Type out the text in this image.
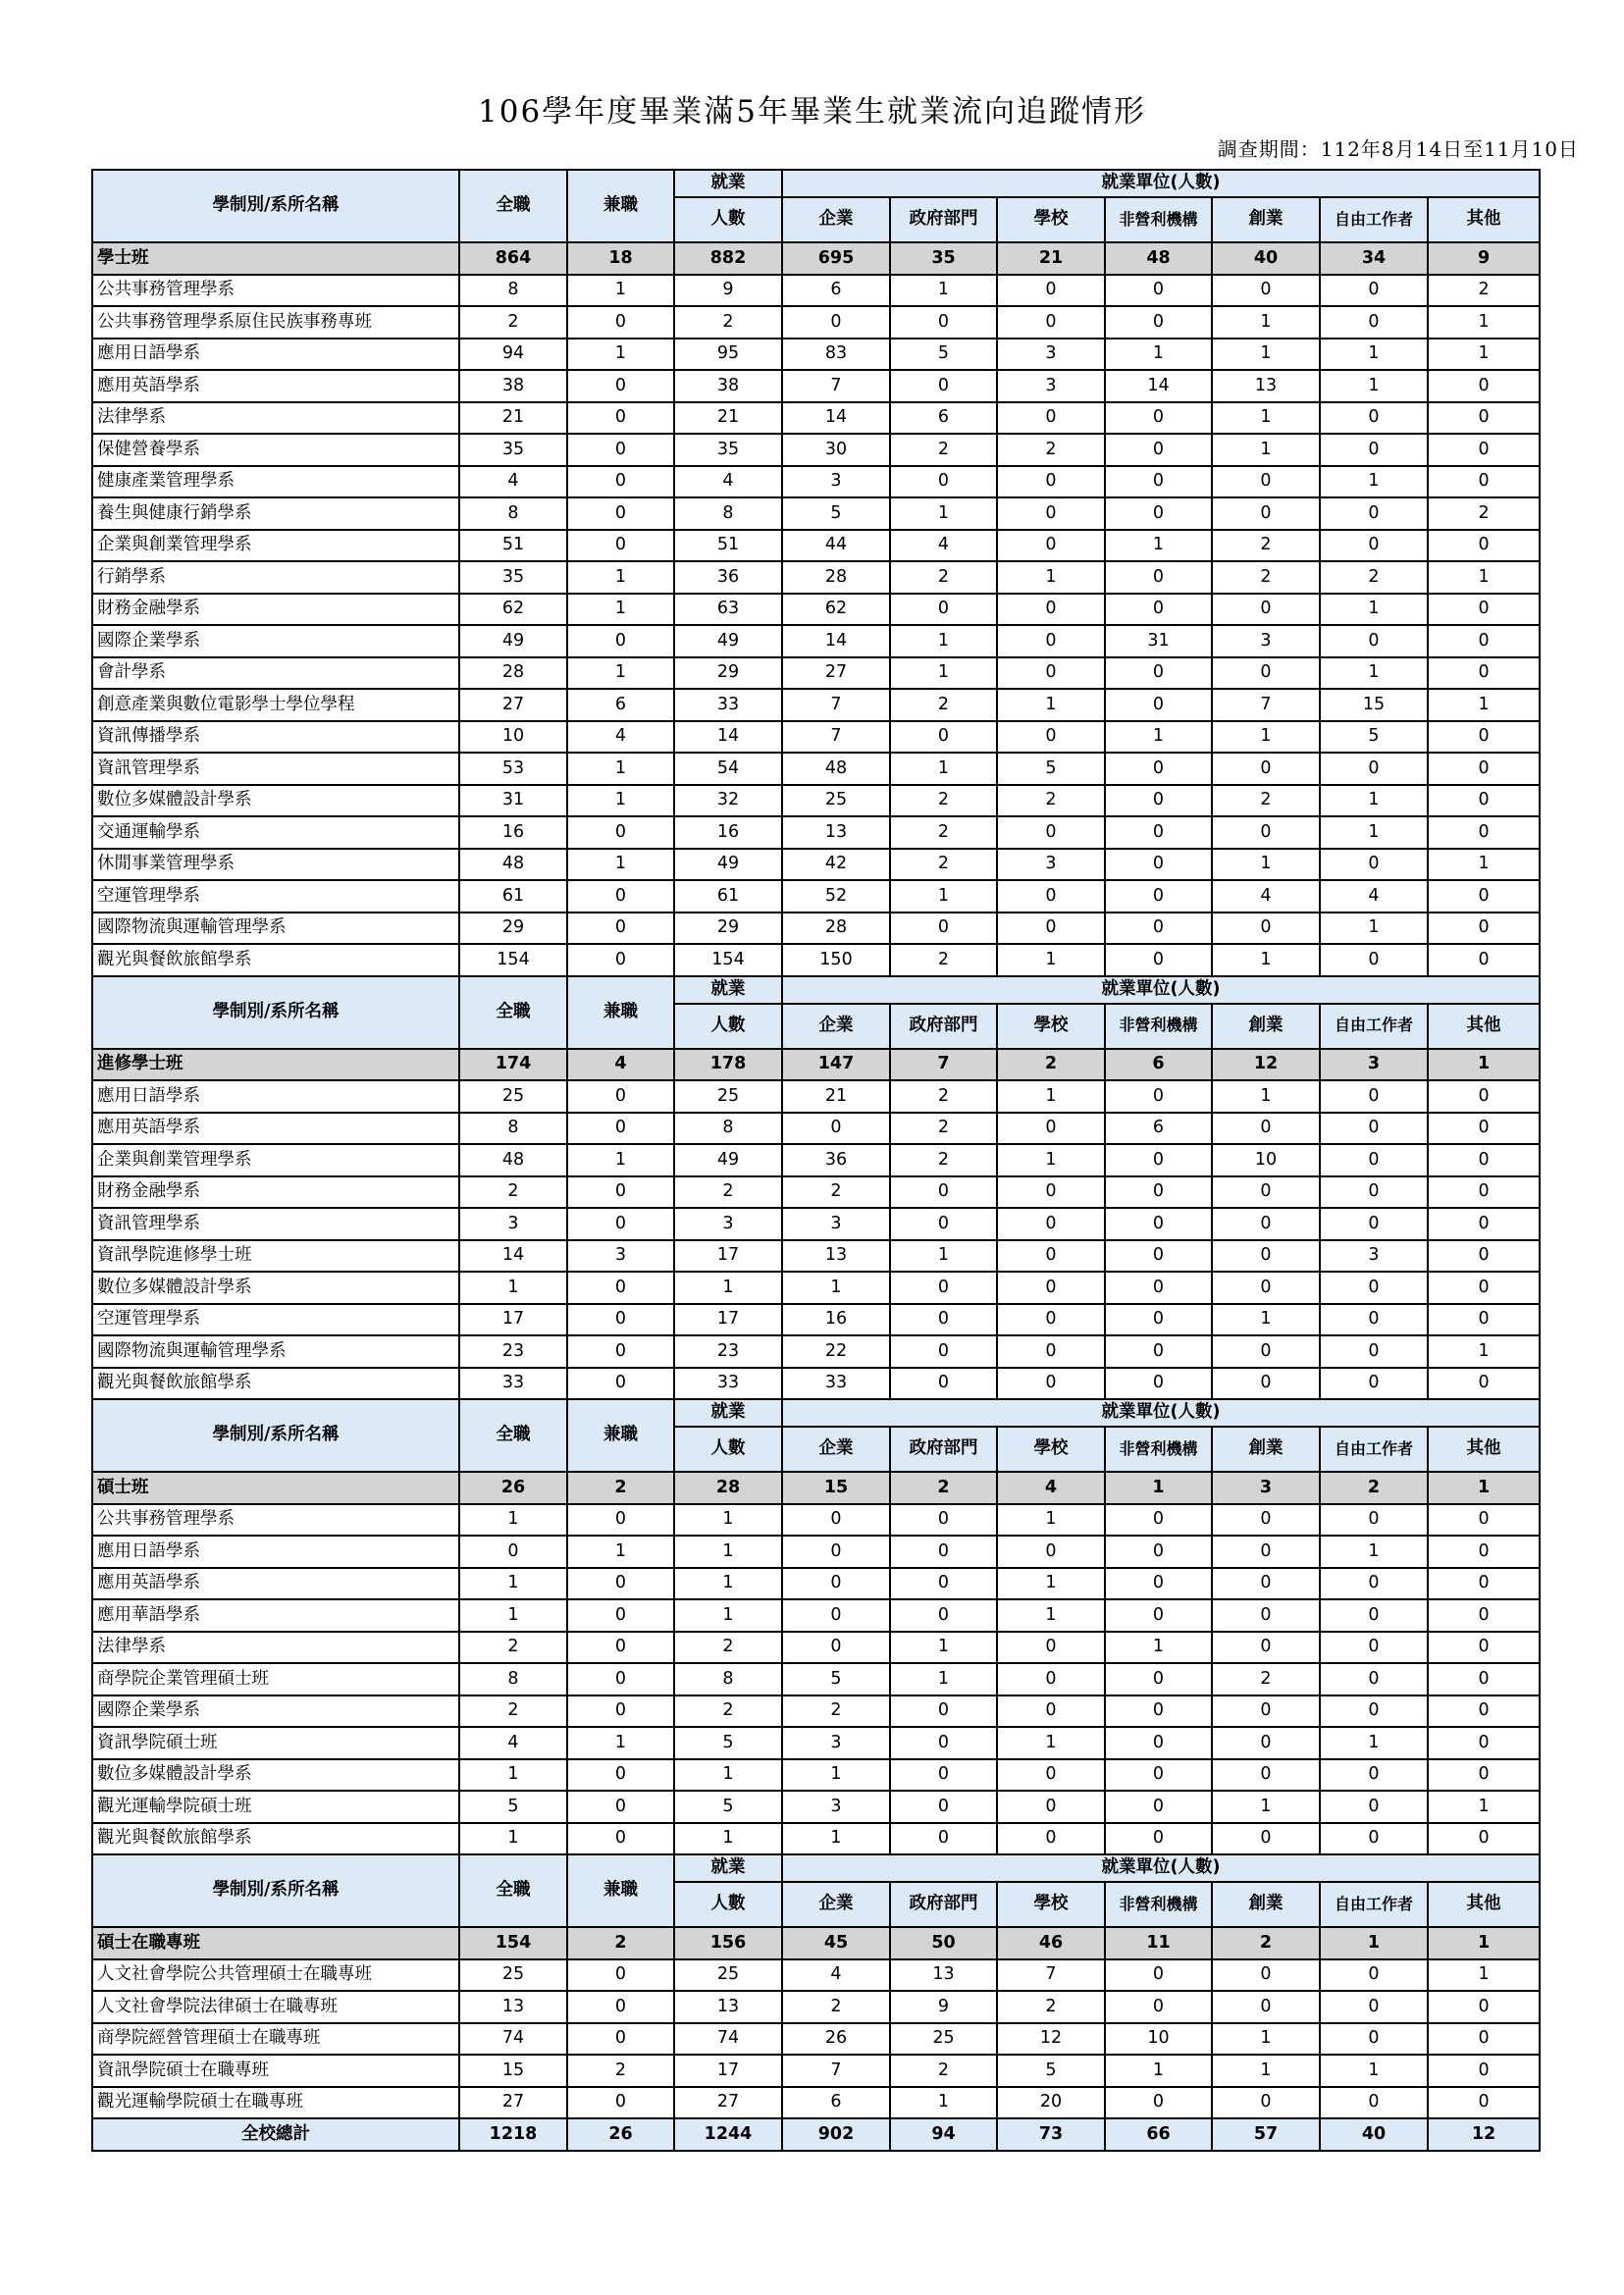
106學年度畢業滿5年畢業生就業流向追蹤情形
調查期間：112年8月14日至11月10日
學制別/系所名稱	全職	兼職	就業	就業單位(人數)						
			人數	企業	政府部門	學校	非營利機構	創業	自由工作者	其他
學士班	864	18	882	695	35	21	48	40	34	9
公共事務管理學系	8	1	9	6	1	0	0	0	0	2
公共事務管理學系原住民族事務專班	2	0	2	0	0	0	0	1	0	1
應用日語學系	94	1	95	83	5	3	1	1	1	1
應用英語學系	38	0	38	7	0	3	14	13	1	0
法律學系	21	0	21	14	6	0	0	1	0	0
保健營養學系	35	0	35	30	2	2	0	1	0	0
健康產業管理學系	4	0	4	3	0	0	0	0	1	0
養生與健康行銷學系	8	0	8	5	1	0	0	0	0	2
企業與創業管理學系	51	0	51	44	4	0	1	2	0	0
行銷學系	35	1	36	28	2	1	0	2	2	1
財務金融學系	62	1	63	62	0	0	0	0	1	0
國際企業學系	49	0	49	14	1	0	31	3	0	0
會計學系	28	1	29	27	1	0	0	0	1	0
創意產業與數位電影學士學位學程	27	6	33	7	2	1	0	7	15	1
資訊傳播學系	10	4	14	7	0	0	1	1	5	0
資訊管理學系	53	1	54	48	1	5	0	0	0	0
數位多媒體設計學系	31	1	32	25	2	2	0	2	1	0
交通運輸學系	16	0	16	13	2	0	0	0	1	0
休閒事業管理學系	48	1	49	42	2	3	0	1	0	1
空運管理學系	61	0	61	52	1	0	0	4	4	0
國際物流與運輸管理學系	29	0	29	28	0	0	0	0	1	0
觀光與餐飲旅館學系	154	0	154	150	2	1	0	1	0	0
學制別/系所名稱	全職	兼職	就業	就業單位(人數)						
			人數	企業	政府部門	學校	非營利機構	創業	自由工作者	其他
進修學士班	174	4	178	147	7	2	6	12	3	1
應用日語學系	25	0	25	21	2	1	0	1	0	0
應用英語學系	8	0	8	0	2	0	6	0	0	0
企業與創業管理學系	48	1	49	36	2	1	0	10	0	0
財務金融學系	2	0	2	2	0	0	0	0	0	0
資訊管理學系	3	0	3	3	0	0	0	0	0	0
資訊學院進修學士班	14	3	17	13	1	0	0	0	3	0
數位多媒體設計學系	1	0	1	1	0	0	0	0	0	0
空運管理學系	17	0	17	16	0	0	0	1	0	0
國際物流與運輸管理學系	23	0	23	22	0	0	0	0	0	1
觀光與餐飲旅館學系	33	0	33	33	0	0	0	0	0	0
學制別/系所名稱	全職	兼職	就業	就業單位(人數)						
			人數	企業	政府部門	學校	非營利機構	創業	自由工作者	其他
碩士班	26	2	28	15	2	4	1	3	2	1
公共事務管理學系	1	0	1	0	0	1	0	0	0	0
應用日語學系	0	1	1	0	0	0	0	0	1	0
應用英語學系	1	0	1	0	0	1	0	0	0	0
應用華語學系	1	0	1	0	0	1	0	0	0	0
法律學系	2	0	2	0	1	0	1	0	0	0
商學院企業管理碩士班	8	0	8	5	1	0	0	2	0	0
國際企業學系	2	0	2	2	0	0	0	0	0	0
資訊學院碩士班	4	1	5	3	0	1	0	0	1	0
數位多媒體設計學系	1	0	1	1	0	0	0	0	0	0
觀光運輸學院碩士班	5	0	5	3	0	0	0	1	0	1
觀光與餐飲旅館學系	1	0	1	1	0	0	0	0	0	0
學制別/系所名稱	全職	兼職	就業	就業單位(人數)						
			人數	企業	政府部門	學校	非營利機構	創業	自由工作者	其他
碩士在職專班	154	2	156	45	50	46	11	2	1	1
人文社會學院公共管理碩士在職專班	25	0	25	4	13	7	0	0	0	1
人文社會學院法律碩士在職專班	13	0	13	2	9	2	0	0	0	0
商學院經營管理碩士在職專班	74	0	74	26	25	12	10	1	0	0
資訊學院碩士在職專班	15	2	17	7	2	5	1	1	1	0
觀光運輸學院碩士在職專班	27	0	27	6	1	20	0	0	0	0
全校總計	1218	26	1244	902	94	73	66	57	40	12
